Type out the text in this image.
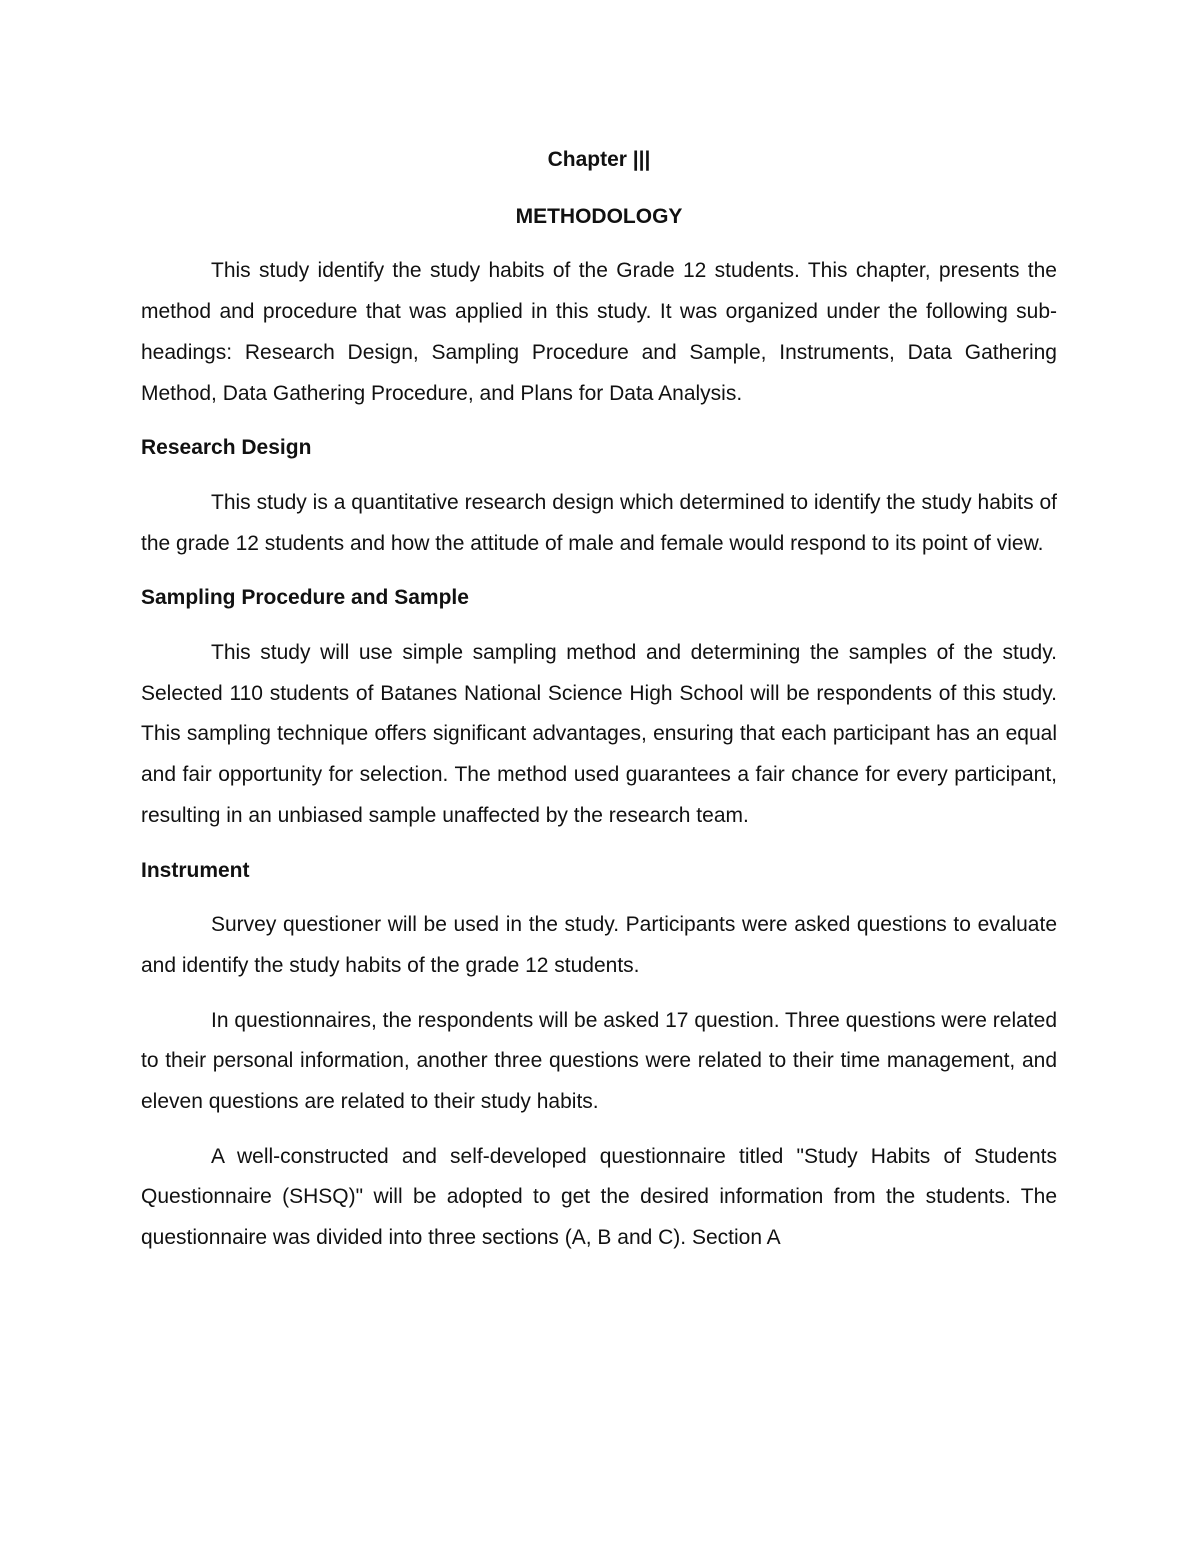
Chapter |||

METHODOLOGY

This study identify the study habits of the Grade 12 students. This chapter, presents the method and procedure that was applied in this study. It was organized under the following sub-headings: Research Design, Sampling Procedure and Sample, Instruments, Data Gathering Method, Data Gathering Procedure, and Plans for Data Analysis.

Research Design

This study is a quantitative research design which determined to identify the study habits of the grade 12 students and how the attitude of male and female would respond to its point of view.

Sampling Procedure and Sample

This study will use simple sampling method and determining the samples of the study. Selected 110 students of Batanes National Science High School will be respondents of this study. This sampling technique offers significant advantages, ensuring that each participant has an equal and fair opportunity for selection. The method used guarantees a fair chance for every participant, resulting in an unbiased sample unaffected by the research team.

Instrument

Survey questioner will be used in the study. Participants were asked questions to evaluate and identify the study habits of the grade 12 students.

In questionnaires, the respondents will be asked 17 question. Three questions were related to their personal information, another three questions were related to their time management, and eleven questions are related to their study habits.

A well-constructed and self-developed questionnaire titled "Study Habits of Students Questionnaire (SHSQ)" will be adopted to get the desired information from the students. The questionnaire was divided into three sections (A, B and C). Section A
